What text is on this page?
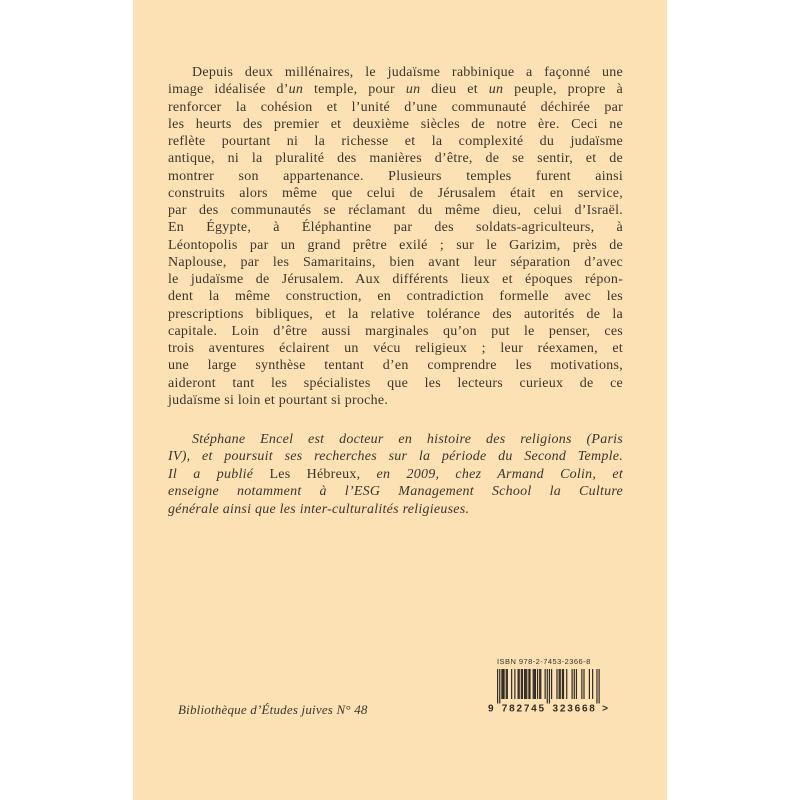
Depuis deux millénaires, le judaïsme rabbinique a façonné une
image idéalisée d’un temple, pour un dieu et un peuple, propre à
renforcer la cohésion et l’unité d’une communauté déchirée par
les heurts des premier et deuxième siècles de notre ère. Ceci ne
reflète pourtant ni la richesse et la complexité du judaïsme
antique, ni la pluralité des manières d’être, de se sentir, et de
montrer son appartenance. Plusieurs temples furent ainsi
construits alors même que celui de Jérusalem était en service,
par des communautés se réclamant du même dieu, celui d’Israël.
En Égypte, à Éléphantine par des soldats-agriculteurs, à
Léontopolis par un grand prêtre exilé ; sur le Garizim, près de
Naplouse, par les Samaritains, bien avant leur séparation d’avec
le judaïsme de Jérusalem. Aux différents lieux et époques répon-
dent la même construction, en contradiction formelle avec les
prescriptions bibliques, et la relative tolérance des autorités de la
capitale. Loin d’être aussi marginales qu’on put le penser, ces
trois aventures éclairent un vécu religieux ; leur réexamen, et
une large synthèse tentant d’en comprendre les motivations,
aideront tant les spécialistes que les lecteurs curieux de ce
judaïsme si loin et pourtant si proche.
Stéphane Encel est docteur en histoire des religions (Paris
IV), et poursuit ses recherches sur la période du Second Temple.
Il a publié Les Hébreux, en 2009, chez Armand Colin, et
enseigne notamment à l’ESG Management School la Culture
générale ainsi que les inter-culturalités religieuses.
Bibliothèque d’Études juives N° 48
ISBN 978-2-7453-2366-8
9 782745 323668 >
